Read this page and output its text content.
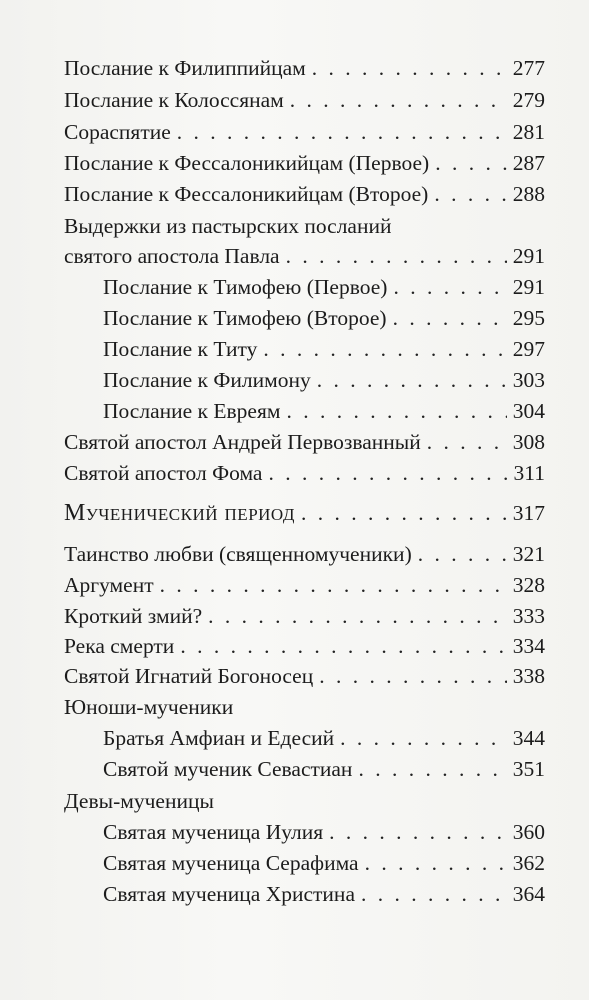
Послание к Филиппийцам . . .	277
Послание к Колоссянам . . .	279
Сораспятие . . .	281
Послание к Фессалоникийцам (Первое) . . .	287
Послание к Фессалоникийцам (Второе) . . .	288
Выдержки из пастырских посланий
святого апостола Павла . . .	291
Послание к Тимофею (Первое) . . .	291
Послание к Тимофею (Второе) . . .	295
Послание к Титу . . .	297
Послание к Филимону . . .	303
Послание к Евреям . . .	304
Святой апостол Андрей Первозванный . . .	308
Святой апостол Фома . . .	311
Мученический период . . .	317
Таинство любви (священномученики) . . .	321
Аргумент . . .	328
Кроткий змий? . . .	333
Река смерти . . .	334
Святой Игнатий Богоносец . . .	338
Юноши-мученики
Братья Амфиан и Едесий . . .	344
Святой мученик Севастиан . . .	351
Девы-мученицы
Святая мученица Иулия . . .	360
Святая мученица Серафима . . .	362
Святая мученица Христина . . .	364
